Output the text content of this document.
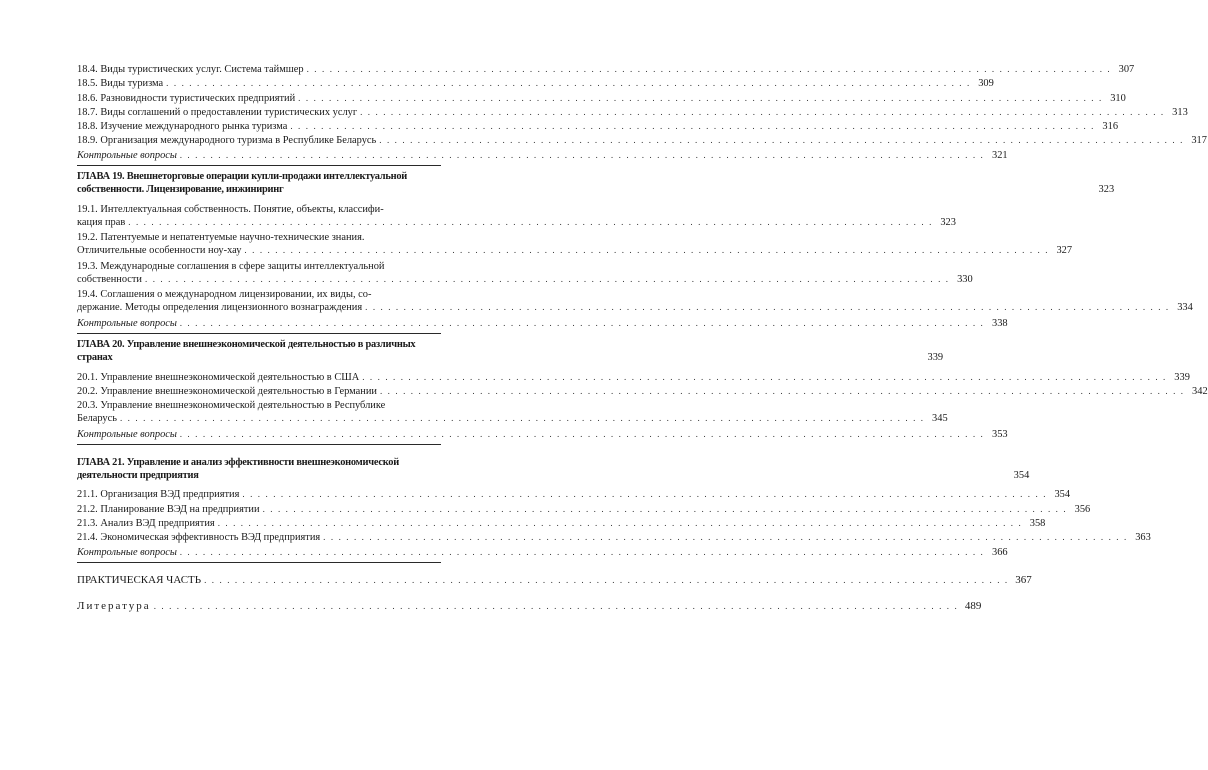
18.4. Виды туристических услуг. Система таймшер . . . . . . . . . . . . . . . . . . . . . . . . . . . . . . . . . . . . . . . . . . . . . . . . . . . . . . . . . . . . . . . . . . . . . . . . . . . . . . . . . . . . . . . . . . . . . . . . . . . . . . . . . 307
18.5. Виды туризма . . . . . . . . . . . . . . . . . . . . . . . . . . . . . . . . . . . . . . . . . . . . . . . . . . . . . . . . . . . . . . . . . . . . . . . . . . . . . . . . . . . . . . . . . . . . . . . . . . . . . . . . . 309
18.6. Разновидности туристических предприятий . . . . . . . . . . . . . . . . . . . . . . . . . . . . . . . . . . . . . . . . . . . . . . . . . . . . . . . . . . . . . . . . . . . . . . . . . . . . . . . . . . . . . . . . . . . . . . . . . . . . . . . . . 310
18.7. Виды соглашений о предоставлении туристических услуг . . . . . . . . . . . . . . . . . . . . . . . . . . . . . . . . . . . . . . . . . . . . . . . . . . . . . . . . . . . . . . . . . . . . . . . . . . . . . . . . . . . . . . . . . . . . . . . . . . . . . . . . . 313
18.8. Изучение международного рынка туризма . . . . . . . . . . . . . . . . . . . . . . . . . . . . . . . . . . . . . . . . . . . . . . . . . . . . . . . . . . . . . . . . . . . . . . . . . . . . . . . . . . . . . . . . . . . . . . . . . . . . . . . . . 316
18.9. Организация международного туризма в Республике Беларусь . . . . . . . . . . . . . . . . . . . . . . . . . . . . . . . . . . . . . . . . . . . . . . . . . . . . . . . . . . . . . . . . . . . . . . . . . . . . . . . . . . . . . . . . . . . . . . . . . . . . . . . . . 317
Контрольные вопросы . . . . . . . . . . . . . . . . . . . . . . . . . . . . . . . . . . . . . . . . . . . . . . . . . . . . . . . . . . . . . . . . . . . . . . . . . . . . . . . . . . . . . . . . . . . . . . . . . . . . . . . . . 321
ГЛАВА 19. Внешнеторговые операции купли-продажи интеллектуальной
собственности. Лицензирование, инжиниринг	323
19.1. Интеллектуальная собственность. Понятие, объекты, классифи-
кация прав . . . . . . . . . . . . . . . . . . . . . . . . . . . . . . . . . . . . . . . . . . . . . . . . . . . . . . . . . . . . . . . . . . . . . . . . . . . . . . . . . . . . . . . . . . . . . . . . . . . . . . . . . 323
19.2. Патентуемые и непатентуемые научно-технические знания.
Отличительные особенности ноу-хау . . . . . . . . . . . . . . . . . . . . . . . . . . . . . . . . . . . . . . . . . . . . . . . . . . . . . . . . . . . . . . . . . . . . . . . . . . . . . . . . . . . . . . . . . . . . . . . . . . . . . . . . . 327
19.3. Международные соглашения в сфере защиты интеллектуальной
собственности . . . . . . . . . . . . . . . . . . . . . . . . . . . . . . . . . . . . . . . . . . . . . . . . . . . . . . . . . . . . . . . . . . . . . . . . . . . . . . . . . . . . . . . . . . . . . . . . . . . . . . . . . 330
19.4. Соглашения о международном лицензировании, их виды, со-
держание. Методы определения лицензионного вознаграждения . . . . . . . . . . . . . . . . . . . . . . . . . . . . . . . . . . . . . . . . . . . . . . . . . . . . . . . . . . . . . . . . . . . . . . . . . . . . . . . . . . . . . . . . . . . . . . . . . . . . . . . . . 334
Контрольные вопросы . . . . . . . . . . . . . . . . . . . . . . . . . . . . . . . . . . . . . . . . . . . . . . . . . . . . . . . . . . . . . . . . . . . . . . . . . . . . . . . . . . . . . . . . . . . . . . . . . . . . . . . . . 338
ГЛАВА 20. Управление внешнеэкономической деятельностью в различных
странах	339
20.1. Управление внешнеэкономической деятельностью в США . . . . . . . . . . . . . . . . . . . . . . . . . . . . . . . . . . . . . . . . . . . . . . . . . . . . . . . . . . . . . . . . . . . . . . . . . . . . . . . . . . . . . . . . . . . . . . . . . . . . . . . . . 339
20.2. Управление внешнеэкономической деятельностью в Германии . . . . . . . . . . . . . . . . . . . . . . . . . . . . . . . . . . . . . . . . . . . . . . . . . . . . . . . . . . . . . . . . . . . . . . . . . . . . . . . . . . . . . . . . . . . . . . . . . . . . . . . . . 342
20.3. Управление внешнеэкономической деятельностью в Республике
Беларусь . . . . . . . . . . . . . . . . . . . . . . . . . . . . . . . . . . . . . . . . . . . . . . . . . . . . . . . . . . . . . . . . . . . . . . . . . . . . . . . . . . . . . . . . . . . . . . . . . . . . . . . . . 345
Контрольные вопросы . . . . . . . . . . . . . . . . . . . . . . . . . . . . . . . . . . . . . . . . . . . . . . . . . . . . . . . . . . . . . . . . . . . . . . . . . . . . . . . . . . . . . . . . . . . . . . . . . . . . . . . . . 353
ГЛАВА 21. Управление и анализ эффективности внешнеэкономической
деятельности предприятия	354
21.1. Организация ВЭД предприятия . . . . . . . . . . . . . . . . . . . . . . . . . . . . . . . . . . . . . . . . . . . . . . . . . . . . . . . . . . . . . . . . . . . . . . . . . . . . . . . . . . . . . . . . . . . . . . . . . . . . . . . . . 354
21.2. Планирование ВЭД на предприятии . . . . . . . . . . . . . . . . . . . . . . . . . . . . . . . . . . . . . . . . . . . . . . . . . . . . . . . . . . . . . . . . . . . . . . . . . . . . . . . . . . . . . . . . . . . . . . . . . . . . . . . . . 356
21.3. Анализ ВЭД предприятия . . . . . . . . . . . . . . . . . . . . . . . . . . . . . . . . . . . . . . . . . . . . . . . . . . . . . . . . . . . . . . . . . . . . . . . . . . . . . . . . . . . . . . . . . . . . . . . . . . . . . . . . . 358
21.4. Экономическая эффективность ВЭД предприятия . . . . . . . . . . . . . . . . . . . . . . . . . . . . . . . . . . . . . . . . . . . . . . . . . . . . . . . . . . . . . . . . . . . . . . . . . . . . . . . . . . . . . . . . . . . . . . . . . . . . . . . . . 363
Контрольные вопросы . . . . . . . . . . . . . . . . . . . . . . . . . . . . . . . . . . . . . . . . . . . . . . . . . . . . . . . . . . . . . . . . . . . . . . . . . . . . . . . . . . . . . . . . . . . . . . . . . . . . . . . . . 366
ПРАКТИЧЕСКАЯ ЧАСТЬ . . . . . . . . . . . . . . . . . . . . . . . . . . . . . . . . . . . . . . . . . . . . . . . . . . . . . . . . . . . . . . . . . . . . . . . . . . . . . . . . . . . . . . . . . . . . . . . . . . . . . . . . . 367
Литература . . . . . . . . . . . . . . . . . . . . . . . . . . . . . . . . . . . . . . . . . . . . . . . . . . . . . . . . . . . . . . . . . . . . . . . . . . . . . . . . . . . . . . . . . . . . . . . . . . . . . . . . . 489
